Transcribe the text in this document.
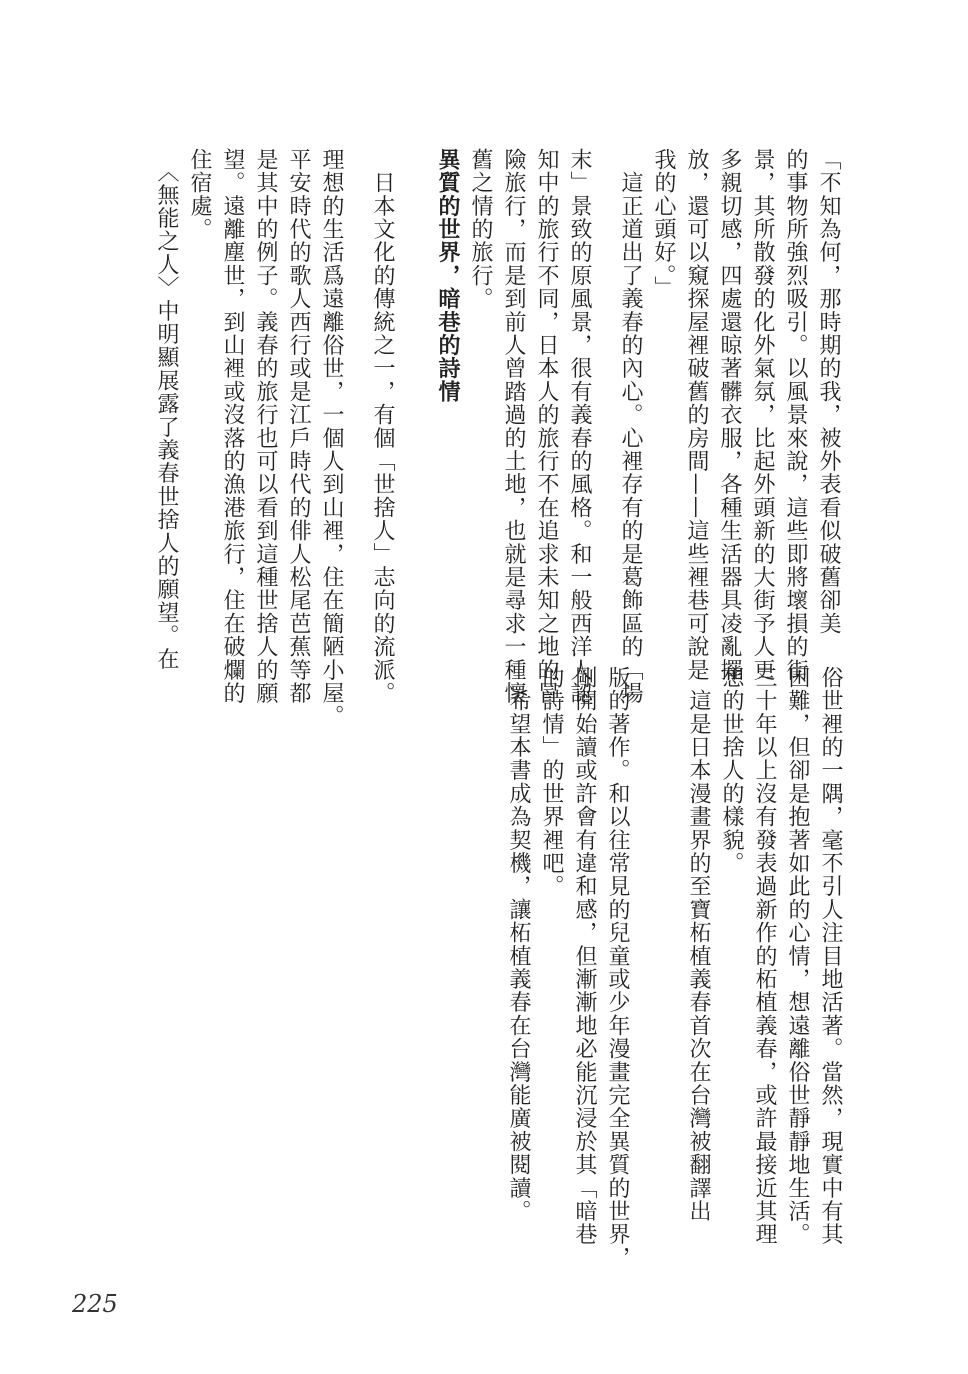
「不知為何，那時期的我，被外表看似破舊卻美
的事物所強烈吸引。以風景來說，這些即將壞損的街
景，其所散發的化外氣氛，比起外頭新的大街予人更
多親切感，四處還晾著髒衣服，各種生活器具凌亂擺
放，還可以窺探屋裡破舊的房間——這些裡巷可說是
我的心頭好。」
　這正道出了義春的內心。心裡存有的是葛飾區的「場
末」景致的原風景，很有義春的風格。和一般西洋人認
知中的旅行不同，日本人的旅行不在追求未知之地的冒
險旅行，而是到前人曾踏過的土地，也就是尋求一種懷
舊之情的旅行。
異質的世界，暗巷的詩情
　日本文化的傳統之一，有個「世捨人」志向的流派。
理想的生活爲遠離俗世，一個人到山裡，住在簡陋小屋。
平安時代的歌人西行或是江戶時代的俳人松尾芭蕉等都
是其中的例子。義春的旅行也可以看到這種世捨人的願
望。遠離塵世，到山裡或沒落的漁港旅行，住在破爛的
住宿處。
　〈無能之人〉中明顯展露了義春世捨人的願望。在
俗世裡的一隅，毫不引人注目地活著。當然，現實中有其
困難，但卻是抱著如此的心情，想遠離俗世靜靜地生活。
三十年以上沒有發表過新作的柘植義春，或許最接近其理
想的世捨人的樣貌。
　這是日本漫畫界的至寶柘植義春首次在台灣被翻譯出
版的著作。和以往常見的兒童或少年漫畫完全異質的世界，
剛開始讀或許會有違和感，但漸漸地必能沉浸於其「暗巷
的詩情」的世界裡吧。
　希望本書成為契機，讓柘植義春在台灣能廣被閱讀。
225
